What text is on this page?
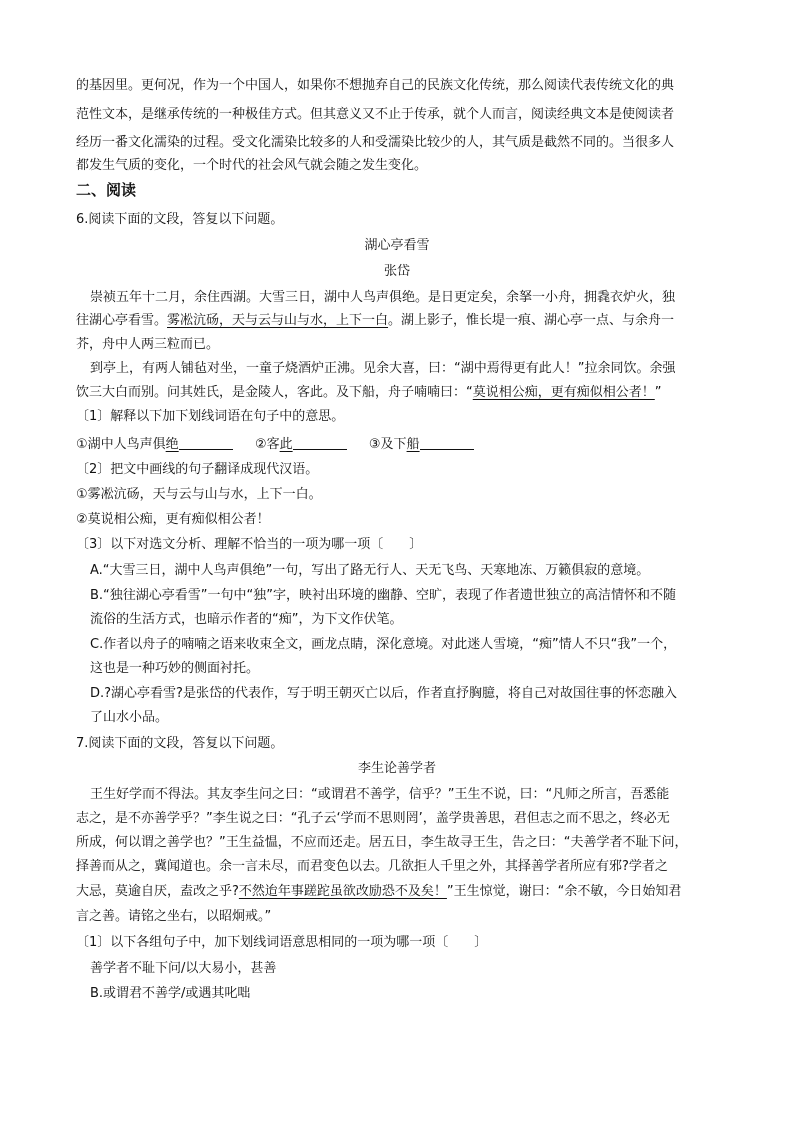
的基因里。更何况，作为一个中国人，如果你不想抛弃自己的民族文化传统，那么阅读代表传统文化的典
范性文本，是继承传统的一种极佳方式。但其意义又不止于传承，就个人而言，阅读经典文本是使阅读者
经历一番文化濡染的过程。受文化濡染比较多的人和受濡染比较少的人，其气质是截然不同的。当很多人
都发生气质的变化，一个时代的社会风气就会随之发生变化。
二、阅读
6.阅读下面的文段，答复以下问题。
湖心亭看雪
张岱
崇祯五年十二月，余住西湖。大雪三日，湖中人鸟声俱绝。是日更定矣，余拏一小舟，拥毳衣炉火，独
往湖心亭看雪。雾凇沆砀，天与云与山与水，上下一白。湖上影子，惟长堤一痕、湖心亭一点、与余舟一
芥，舟中人两三粒而已。
到亭上，有两人铺毡对坐，一童子烧酒炉正沸。见余大喜，曰：“湖中焉得更有此人！”拉余同饮。余强
饮三大白而别。问其姓氏，是金陵人，客此。及下船，舟子喃喃曰：“莫说相公痴，更有痴似相公者！”
〔1〕解释以下加下划线词语在句子中的意思。
①湖中人鸟声俱绝	②客此	③及下船
〔2〕把文中画线的句子翻译成现代汉语。
①雾凇沆砀，天与云与山与水，上下一白。
②莫说相公痴，更有痴似相公者！
〔3〕以下对选文分析、理解不恰当的一项为哪一项〔　　〕
A.“大雪三日，湖中人鸟声俱绝”一句，写出了路无行人、天无飞鸟、天寒地冻、万籁俱寂的意境。
B.“独往湖心亭看雪”一句中“独”字，映衬出环境的幽静、空旷，表现了作者遗世独立的高洁情怀和不随
流俗的生活方式，也暗示作者的“痴”，为下文作伏笔。
C.作者以舟子的喃喃之语来收束全文，画龙点睛，深化意境。对此迷人雪境，“痴”情人不只“我”一个，
这也是一种巧妙的侧面衬托。
D.?湖心亭看雪?是张岱的代表作，写于明王朝灭亡以后，作者直抒胸臆，将自己对故国往事的怀恋融入
了山水小品。
7.阅读下面的文段，答复以下问题。
李生论善学者
王生好学而不得法。其友李生问之曰：“或谓君不善学，信乎？”王生不说，曰：“凡师之所言，吾悉能
志之，是不亦善学乎？”李生说之曰：“孔子云‘学而不思则罔’，盖学贵善思，君但志之而不思之，终必无
所成，何以谓之善学也？”王生益愠，不应而还走。居五日，李生故寻王生，告之曰：“夫善学者不耻下问，
择善而从之，冀闻道也。余一言未尽，而君变色以去。几欲拒人千里之外，其择善学者所应有邪?学者之
大忌，莫逾自厌，盍改之乎?不然迨年事蹉跎虽欲改励恐不及矣！”王生惊觉，谢曰：“余不敏，今日始知君
言之善。请铭之坐右，以昭炯戒。”
〔1〕以下各组句子中，加下划线词语意思相同的一项为哪一项〔　　〕
善学者不耻下问/以大易小，甚善
B.或谓君不善学/或遇其叱咄
